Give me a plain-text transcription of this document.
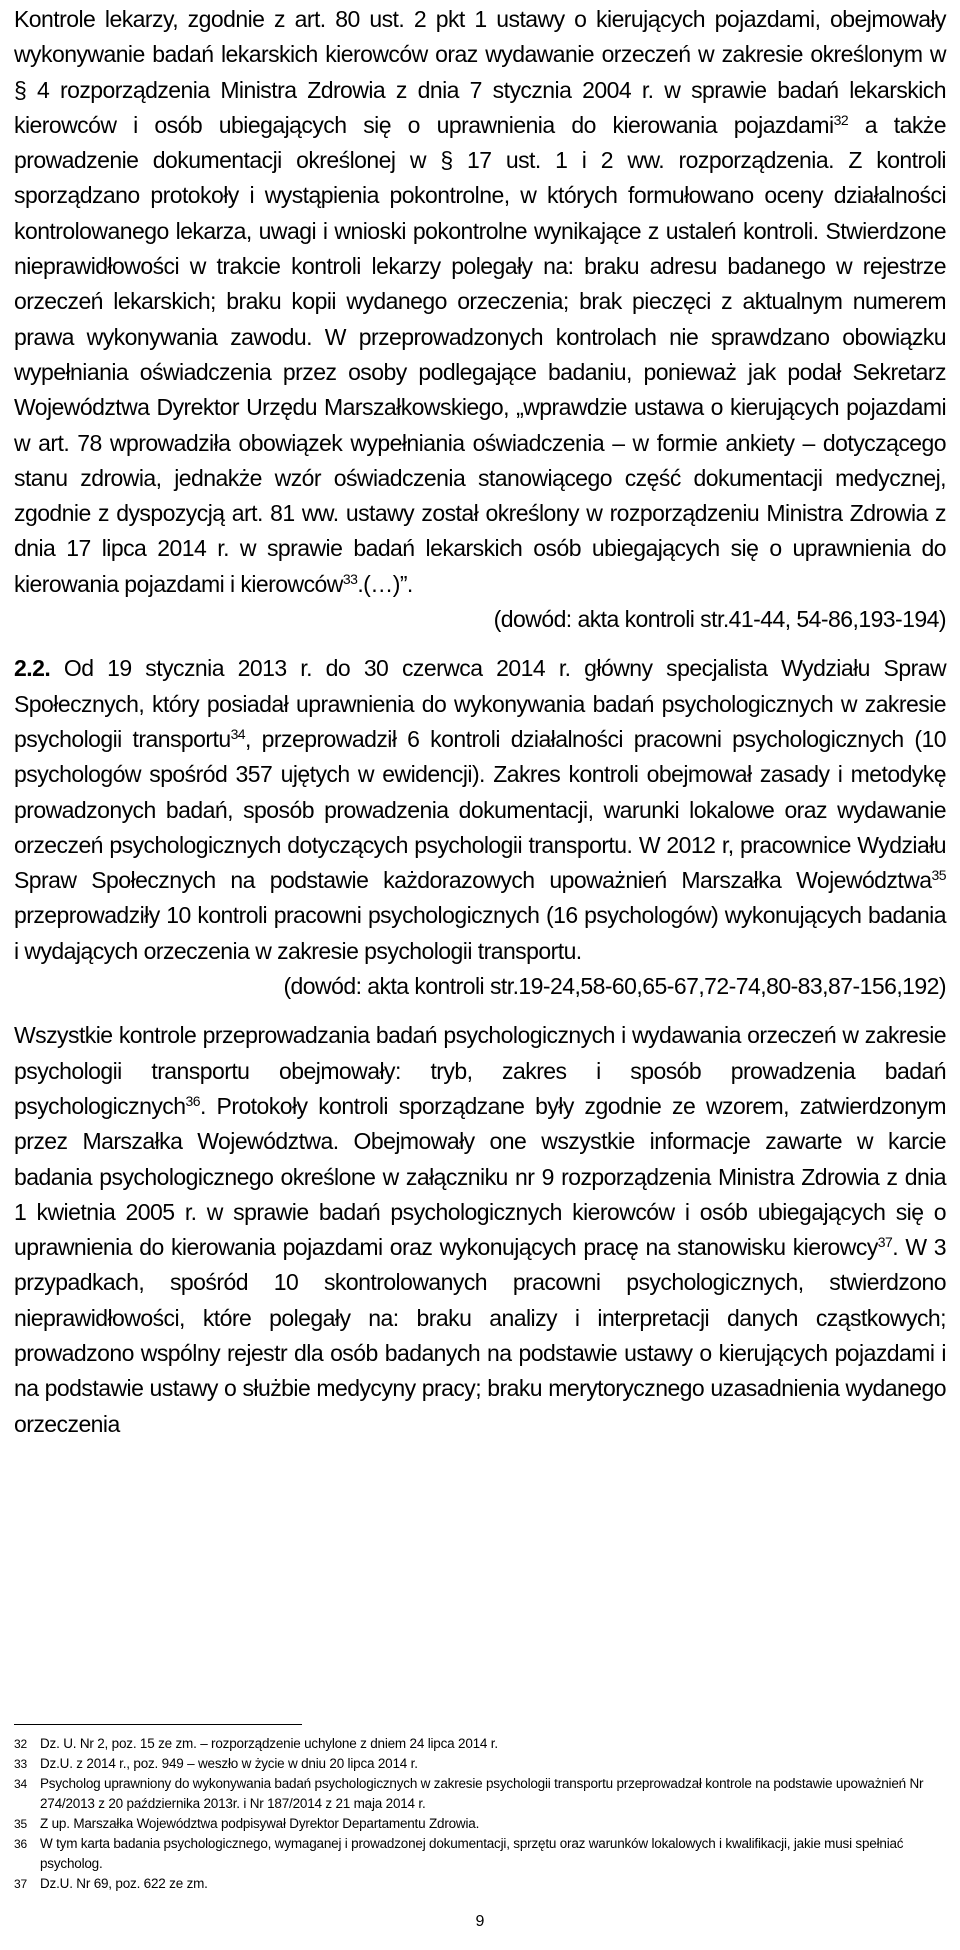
Kontrole lekarzy, zgodnie z art. 80 ust. 2 pkt 1 ustawy o kierujących pojazdami, obejmowały wykonywanie badań lekarskich kierowców oraz wydawanie orzeczeń w zakresie określonym w § 4 rozporządzenia Ministra Zdrowia z dnia 7 stycznia 2004 r. w sprawie badań lekarskich kierowców i osób ubiegających się o uprawnienia do kierowania pojazdami$^{32}$ a także prowadzenie dokumentacji określonej w § 17 ust. 1 i 2 ww. rozporządzenia. Z kontroli sporządzano protokoły i wystąpienia pokontrolne, w których formułowano oceny działalności kontrolowanego lekarza, uwagi i wnioski pokontrolne wynikające z ustaleń kontroli. Stwierdzone nieprawidłowości w trakcie kontroli lekarzy polegały na: braku adresu badanego w rejestrze orzeczeń lekarskich; braku kopii wydanego orzeczenia; brak pieczęci z aktualnym numerem prawa wykonywania zawodu. W przeprowadzonych kontrolach nie sprawdzano obowiązku wypełniania oświadczenia przez osoby podlegające badaniu, ponieważ jak podał Sekretarz Województwa Dyrektor Urzędu Marszałkowskiego, „wprawdzie ustawa o kierujących pojazdami w art. 78 wprowadziła obowiązek wypełniania oświadczenia – w formie ankiety – dotyczącego stanu zdrowia, jednakże wzór oświadczenia stanowiącego część dokumentacji medycznej, zgodnie z dyspozycją art. 81 ww. ustawy został określony w rozporządzeniu Ministra Zdrowia z dnia 17 lipca 2014 r. w sprawie badań lekarskich osób ubiegających się o uprawnienia do kierowania pojazdami i kierowców$^{33}$.(…)”.

(dowód: akta kontroli str.41-44, 54-86,193-194)

2.2. Od 19 stycznia 2013 r. do 30 czerwca 2014 r. główny specjalista Wydziału Spraw Społecznych, który posiadał uprawnienia do wykonywania badań psychologicznych w zakresie psychologii transportu$^{34}$, przeprowadził 6 kontroli działalności pracowni psychologicznych (10 psychologów spośród 357 ujętych w ewidencji). Zakres kontroli obejmował zasady i metodykę prowadzonych badań, sposób prowadzenia dokumentacji, warunki lokalowe oraz wydawanie orzeczeń psychologicznych dotyczących psychologii transportu. W 2012 r, pracownice Wydziału Spraw Społecznych na podstawie każdorazowych upoważnień Marszałka Województwa$^{35}$ przeprowadziły 10 kontroli pracowni psychologicznych (16 psychologów) wykonujących badania i wydających orzeczenia w zakresie psychologii transportu.

(dowód: akta kontroli str.19-24,58-60,65-67,72-74,80-83,87-156,192)

Wszystkie kontrole przeprowadzania badań psychologicznych i wydawania orzeczeń w zakresie psychologii transportu obejmowały: tryb, zakres i sposób prowadzenia badań psychologicznych$^{36}$. Protokoły kontroli sporządzane były zgodnie ze wzorem, zatwierdzonym przez Marszałka Województwa. Obejmowały one wszystkie informacje zawarte w karcie badania psychologicznego określone w załączniku nr 9 rozporządzenia Ministra Zdrowia z dnia 1 kwietnia 2005 r. w sprawie badań psychologicznych kierowców i osób ubiegających się o uprawnienia do kierowania pojazdami oraz wykonujących pracę na stanowisku kierowcy$^{37}$. W 3 przypadkach, spośród 10 skontrolowanych pracowni psychologicznych, stwierdzono nieprawidłowości, które polegały na: braku analizy i interpretacji danych cząstkowych; prowadzono wspólny rejestr dla osób badanych na podstawie ustawy o kierujących pojazdami i na podstawie ustawy o służbie medycyny pracy; braku merytorycznego uzasadnienia wydanego orzeczenia

32 Dz. U. Nr 2, poz. 15 ze zm. – rozporządzenie uchylone z dniem 24 lipca 2014 r.
33 Dz.U. z 2014 r., poz. 949 – weszło w życie w dniu 20 lipca 2014 r.
34 Psycholog uprawniony do wykonywania badań psychologicznych w zakresie psychologii transportu przeprowadzał kontrole na podstawie upoważnień Nr 274/2013 z 20 października 2013r. i Nr 187/2014 z 21 maja 2014 r.
35 Z up. Marszałka Województwa podpisywał Dyrektor Departamentu Zdrowia.
36 W tym karta badania psychologicznego, wymaganej i prowadzonej dokumentacji, sprzętu oraz warunków lokalowych i kwalifikacji, jakie musi spełniać psycholog.
37 Dz.U. Nr 69, poz. 622 ze zm.
9
